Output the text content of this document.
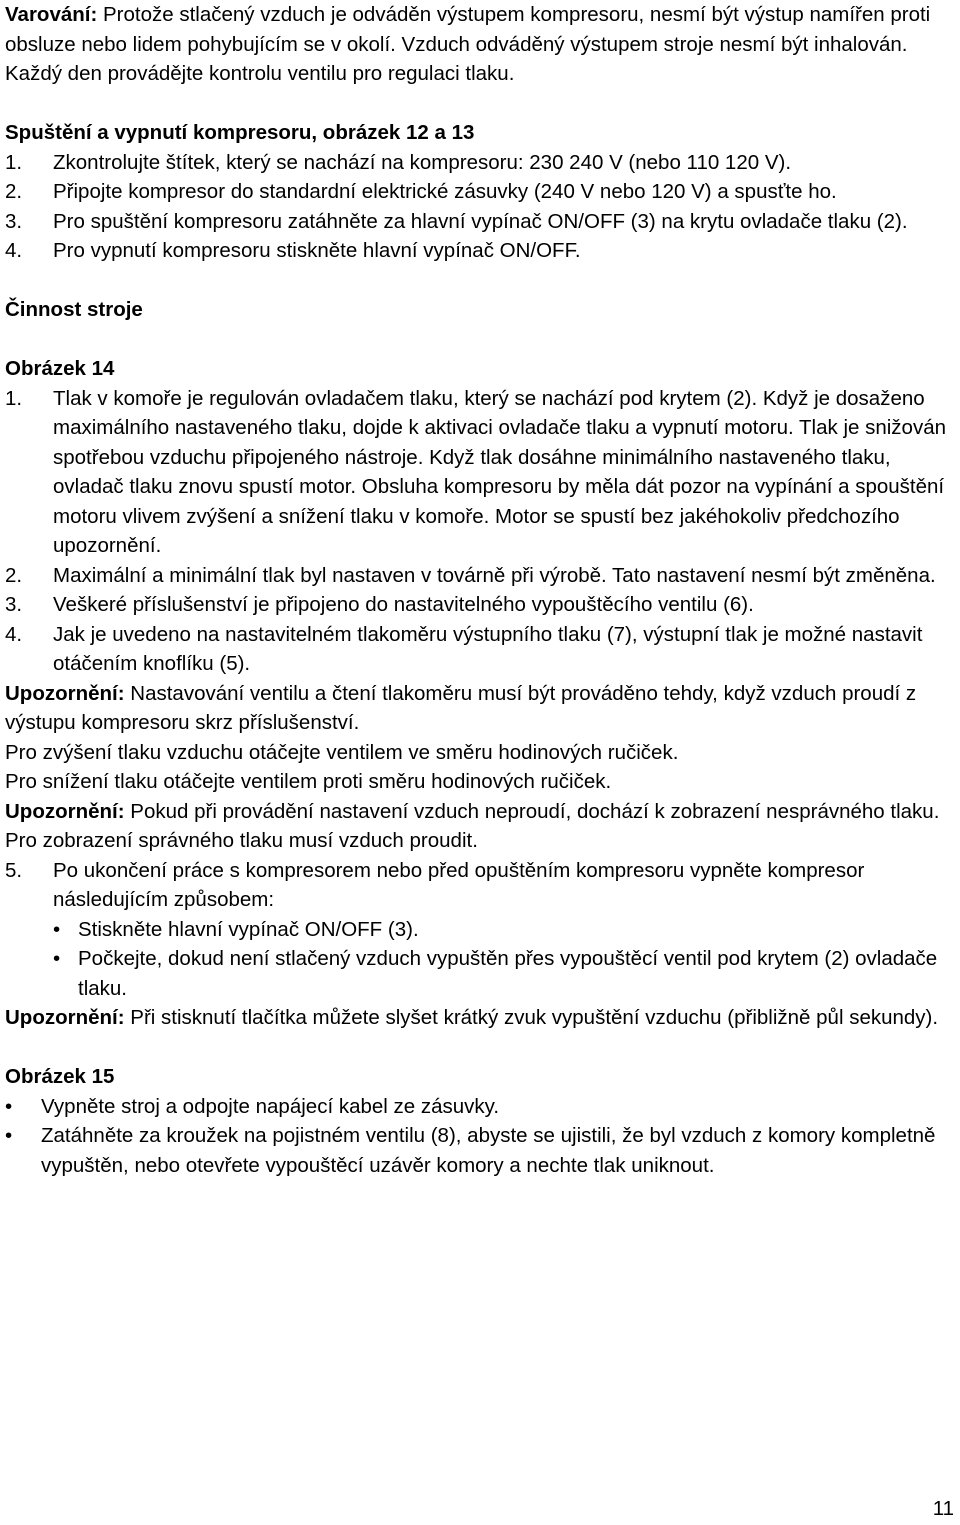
Varování: Protože stlačený vzduch je odváděn výstupem kompresoru, nesmí být výstup namířen proti obsluze nebo lidem pohybujícím se v okolí. Vzduch odváděný výstupem stroje nesmí být inhalován. Každý den provádějte kontrolu ventilu pro regulaci tlaku.

Spuštění a vypnutí kompresoru, obrázek 12 a 13

1. Zkontrolujte štítek, který se nachází na kompresoru: 230 240 V (nebo 110 120 V).
2. Připojte kompresor do standardní elektrické zásuvky (240 V nebo 120 V) a spusťte ho.
3. Pro spuštění kompresoru zatáhněte za hlavní vypínač ON/OFF (3) na krytu ovladače tlaku (2).
4. Pro vypnutí kompresoru stiskněte hlavní vypínač ON/OFF.

Činnost stroje

Obrázek 14

1. Tlak v komoře je regulován ovladačem tlaku, který se nachází pod krytem (2). Když je dosaženo maximálního nastaveného tlaku, dojde k aktivaci ovladače tlaku a vypnutí motoru. Tlak je snižován spotřebou vzduchu připojeného nástroje. Když tlak dosáhne minimálního nastaveného tlaku, ovladač tlaku znovu spustí motor. Obsluha kompresoru by měla dát pozor na vypínání a spouštění motoru vlivem zvýšení a snížení tlaku v komoře. Motor se spustí bez jakéhokoliv předchozího upozornění.
2. Maximální a minimální tlak byl nastaven v továrně při výrobě. Tato nastavení nesmí být změněna.
3. Veškeré příslušenství je připojeno do nastavitelného vypouštěcího ventilu (6).
4. Jak je uvedeno na nastavitelném tlakoměru výstupního tlaku (7), výstupní tlak je možné nastavit otáčením knoflíku (5).

Upozornění: Nastavování ventilu a čtení tlakoměru musí být prováděno tehdy, když vzduch proudí z výstupu kompresoru skrz příslušenství.

Pro zvýšení tlaku vzduchu otáčejte ventilem ve směru hodinových ručiček.

Pro snížení tlaku otáčejte ventilem proti směru hodinových ručiček.

Upozornění: Pokud při provádění nastavení vzduch neproudí, dochází k zobrazení nesprávného tlaku. Pro zobrazení správného tlaku musí vzduch proudit.

5. Po ukončení práce s kompresorem nebo před opuštěním kompresoru vypněte kompresor následujícím způsobem:
• Stiskněte hlavní vypínač ON/OFF (3).
• Počkejte, dokud není stlačený vzduch vypuštěn přes vypouštěcí ventil pod krytem (2) ovladače tlaku.

Upozornění: Při stisknutí tlačítka můžete slyšet krátký zvuk vypuštění vzduchu (přibližně půl sekundy).

Obrázek 15

• Vypněte stroj a odpojte napájecí kabel ze zásuvky.
• Zatáhněte za kroužek na pojistném ventilu (8), abyste se ujistili, že byl vzduch z komory kompletně vypuštěn, nebo otevřete vypouštěcí uzávěr komory a nechte tlak uniknout.
11
